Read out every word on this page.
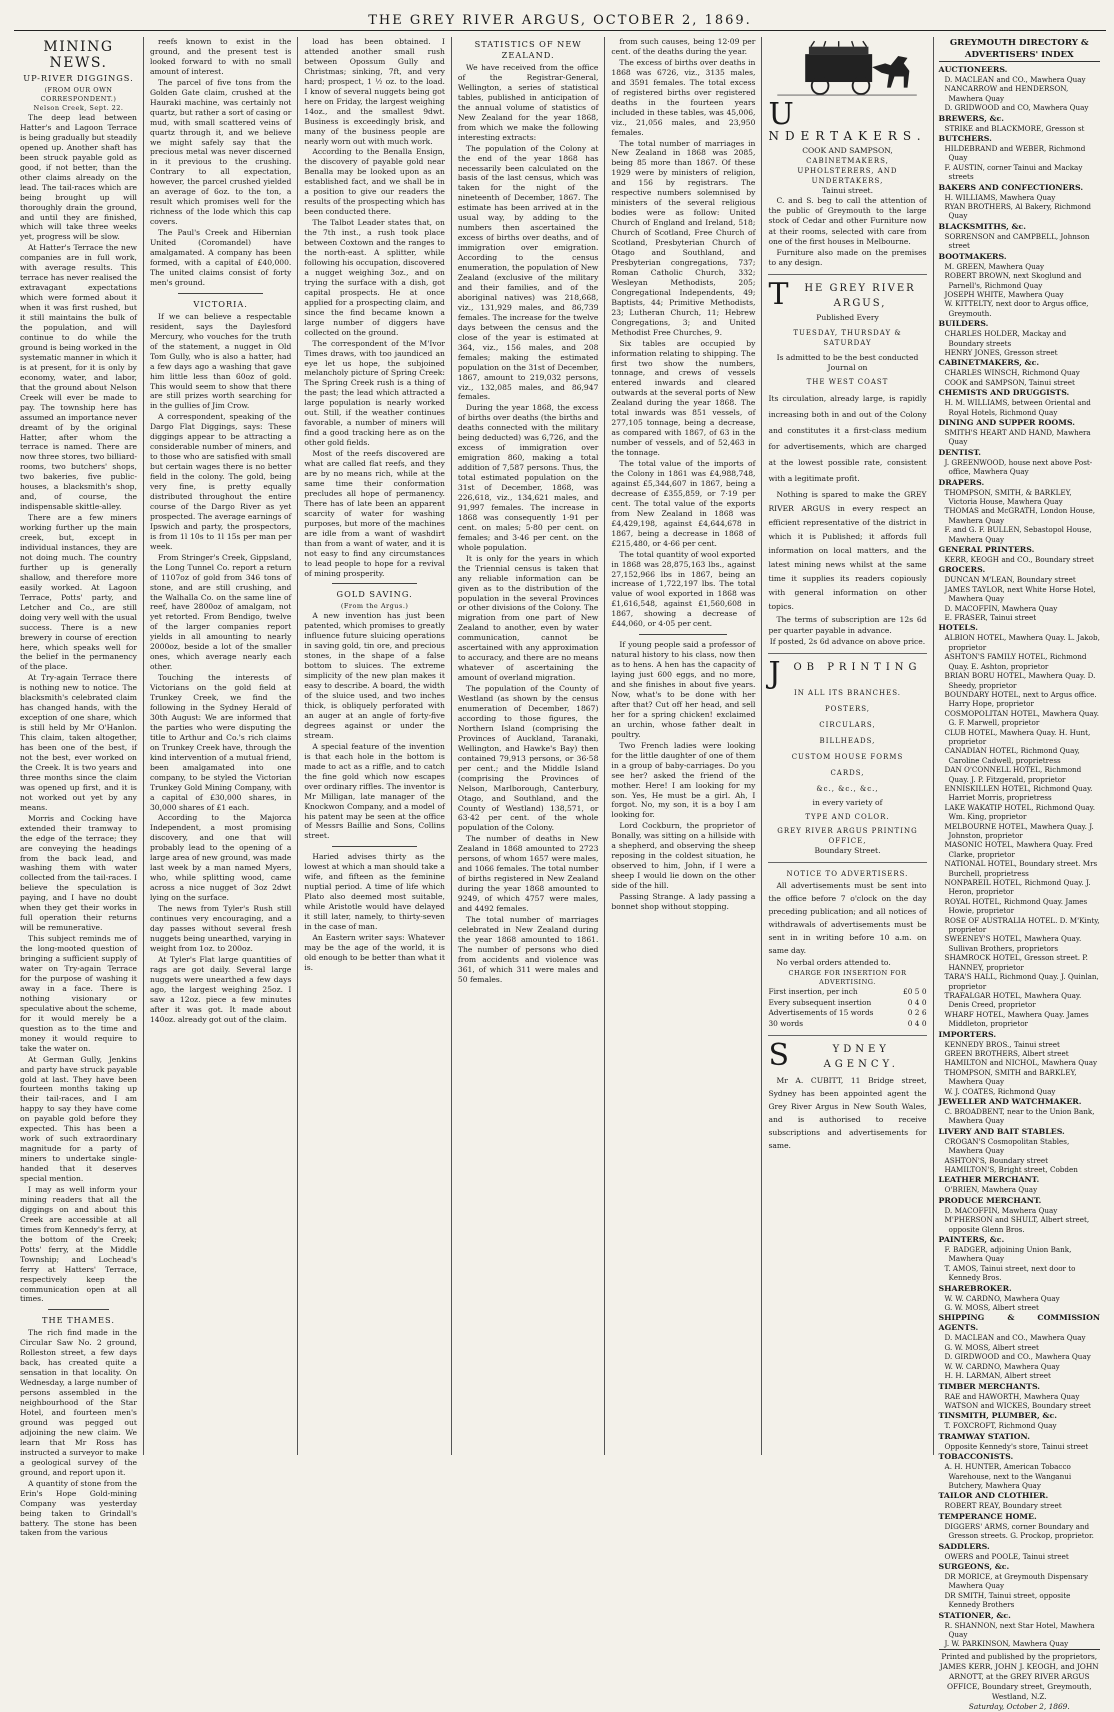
THE GREY RIVER ARGUS, OCTOBER 2, 1869.
MINING NEWS.
UP-RIVER DIGGINGS.
(FROM OUR OWN CORRESPONDENT.)
Nelson Creek, Sept. 22.

The deep lead between Hatter's and Lagoon Terrace is being gradually but steadily opened up. Another shaft has been struck payable gold as good, if not better, than the other claims already on the lead. The tail-races which are being brought up will thoroughly drain the ground, and until they are finished, which will take three weeks yet, progress will be slow.

At Hatter's Terrace the new companies are in full work, with average results. This terrace has never realised the extravagant expectations which were formed about it when it was first rushed, but it still maintains the bulk of the population, and will continue to do while the ground is being worked in the systematic manner in which it is at present, for it is only by economy, water, and labor, that the ground about Nelson Creek will ever be made to pay. The township here has assumed an importance never dreamt of by the original Hatter, after whom the terrace is named. There are now three stores, two billiard-rooms, two butchers' shops, two bakeries, five public-houses, a blacksmith's shop, and, of course, the indispensable skittle-alley.

There are a few miners working further up the main creek, but, except in individual instances, they are not doing much. The country further up is generally shallow, and therefore more easily worked. At Lagoon Terrace, Potts' party, and Letcher and Co., are still doing very well with the usual success. There is a new brewery in course of erection here, which speaks well for the belief in the permanency of the place.

At Try-again Terrace there is nothing new to notice. The blacksmith's celebrated claim has changed hands, with the exception of one share, which is still held by Mr O'Hanlon. This claim, taken altogether, has been one of the best, if not the best, ever worked on the Creek. It is two years and three months since the claim was opened up first, and it is not worked out yet by any means.

Morris and Cocking have extended their tramway to the edge of the terrace; they are conveying the headings from the back lead, and washing them with water collected from the tail-races. I believe the speculation is paying, and I have no doubt when they get their works in full operation their returns will be remunerative.

This subject reminds me of the long-mooted question of bringing a sufficient supply of water on Try-again Terrace for the purpose of washing it away in a face. There is nothing visionary or speculative about the scheme, for it would merely be a question as to the time and money it would require to take the water on.

At German Gully, Jenkins and party have struck payable gold at last. They have been fourteen months taking up their tail-races, and I am happy to say they have come on payable gold before they expected. This has been a work of such extraordinary magnitude for a party of miners to undertake single-handed that it deserves special mention.

I may as well inform your mining readers that all the diggings on and about this Creek are accessible at all times from Kennedy's ferry, at the bottom of the Creek; Potts' ferry, at the Middle Township; and Lochead's ferry at Hatters' Terrace, respectively keep the communication open at all times.

THE THAMES.

The rich find made in the Circular Saw No. 2 ground, Rolleston street, a few days back, has created quite a sensation in that locality. On Wednesday, a large number of persons assembled in the neighbourhood of the Star Hotel, and fourteen men's ground was pegged out adjoining the new claim. We learn that Mr Ross has instructed a surveyor to make a geological survey of the ground, and report upon it.

A quantity of stone from the Erin's Hope Gold-mining Company was yesterday being taken to Grindall's battery. The stone has been taken from the various

reefs known to exist in the ground, and the present test is looked forward to with no small amount of interest.

The parcel of five tons from the Golden Gate claim, crushed at the Hauraki machine, was certainly not quartz, but rather a sort of casing or mud, with small scattered veins of quartz through it, and we believe we might safely say that the precious metal was never discerned in it previous to the crushing. Contrary to all expectation, however, the parcel crushed yielded an average of 6oz. to the ton, a result which promises well for the richness of the lode which this cap covers.

The Paul's Creek and Hibernian United (Coromandel) have amalgamated. A company has been formed, with a capital of £40,000. The united claims consist of forty men's ground.

VICTORIA.

If we can believe a respectable resident, says the Daylesford Mercury, who vouches for the truth of the statement, a nugget in Old Tom Gully, who is also a hatter, had a few days ago a washing that gave him little less than 60oz of gold. This would seem to show that there are still prizes worth searching for in the gullies of Jim Crow.

A correspondent, speaking of the Dargo Flat Diggings, says: These diggings appear to be attracting a considerable number of miners, and to those who are satisfied with small but certain wages there is no better field in the colony. The gold, being very fine, is pretty equally distributed throughout the entire course of the Dargo River as yet prospected. The average earnings of Ipswich and party, the prospectors, is from 1l 10s to 1l 15s per man per week.

From Stringer's Creek, Gippsland, the Long Tunnel Co. report a return of 1107oz of gold from 346 tons of stone, and are still crushing, and the Walhalla Co. on the same line of reef, have 2800oz of amalgam, not yet retorted. From Bendigo, twelve of the larger companies report yields in all amounting to nearly 2000oz, beside a lot of the smaller ones, which average nearly each other.

Touching the interests of Victorians on the gold field at Trunkey Creek, we find the following in the Sydney Herald of 30th August: We are informed that the parties who were disputing the title to Arthur and Co.'s rich claims on Trunkey Creek have, through the kind intervention of a mutual friend, been amalgamated into one company, to be styled the Victorian Trunkey Gold Mining Company, with a capital of £30,000 shares, in 30,000 shares of £1 each.

According to the Majorca Independent, a most promising discovery, and one that will probably lead to the opening of a large area of new ground, was made last week by a man named Myers, who, while splitting wood, came across a nice nugget of 3oz 2dwt lying on the surface.

The news from Tyler's Rush still continues very encouraging, and a day passes without several fresh nuggets being unearthed, varying in weight from 1oz. to 200oz.

At Tyler's Flat large quantities of rags are got daily. Several large nuggets were unearthed a few days ago, the largest weighing 25oz. I saw a 12oz. piece a few minutes after it was got. It made about 140oz. already got out of the claim.

load has been obtained. I attended another small rush between Opossum Gully and Christmas; sinking, 7ft, and very hard; prospect, 1 ½ oz. to the load. I know of several nuggets being got here on Friday, the largest weighing 14oz., and the smallest 9dwt. Business is exceedingly brisk, and many of the business people are nearly worn out with much work.

According to the Benalla Ensign, the discovery of payable gold near Benalla may be looked upon as an established fact, and we shall be in a position to give our readers the results of the prospecting which has been conducted there.

The Talbot Leader states that, on the 7th inst., a rush took place between Coxtown and the ranges to the north-east. A splitter, while following his occupation, discovered a nugget weighing 3oz., and on trying the surface with a dish, got capital prospects. He at once applied for a prospecting claim, and since the find became known a large number of diggers have collected on the ground.

The correspondent of the M'Ivor Times draws, with too jaundiced an eye let us hope, the subjoined melancholy picture of Spring Creek: The Spring Creek rush is a thing of the past; the lead which attracted a large population is nearly worked out. Still, if the weather continues favorable, a number of miners will find a good tracking here as on the other gold fields.

Most of the reefs discovered are what are called flat reefs, and they are by no means rich, while at the same time their conformation precludes all hope of permanency. There has of late been an apparent scarcity of water for washing purposes, but more of the machines are idle from a want of washdirt than from a want of water, and it is not easy to find any circumstances to lead people to hope for a revival of mining prosperity.

GOLD SAVING.
(From the Argus.)

A new invention has just been patented, which promises to greatly influence future sluicing operations in saving gold, tin ore, and precious stones, in the shape of a false bottom to sluices. The extreme simplicity of the new plan makes it easy to describe. A board, the width of the sluice used, and two inches thick, is obliquely perforated with an auger at an angle of forty-five degrees against or under the stream.

A special feature of the invention is that each hole in the bottom is made to act as a riffle, and to catch the fine gold which now escapes over ordinary riffles. The inventor is Mr Milligan, late manager of the Knockwon Company, and a model of his patent may be seen at the office of Messrs Baillie and Sons, Collins street.

Haried advises thirty as the lowest at which a man should take a wife, and fifteen as the feminine nuptial period. A time of life which Plato also deemed most suitable, while Aristotle would have delayed it still later, namely, to thirty-seven in the case of man.

An Eastern writer says: Whatever may be the age of the world, it is old enough to be better than what it is.

STATISTICS OF NEW ZEALAND.

We have received from the office of the Registrar-General, Wellington, a series of statistical tables, published in anticipation of the annual volume of statistics of New Zealand for the year 1868, from which we make the following interesting extracts:

The population of the Colony at the end of the year 1868 has necessarily been calculated on the basis of the last census, which was taken for the night of the nineteenth of December, 1867. The estimate has been arrived at in the usual way, by adding to the numbers then ascertained the excess of births over deaths, and of immigration over emigration. According to the census enumeration, the population of New Zealand (exclusive of the military and their families, and of the aboriginal natives) was 218,668, viz., 131,929 males, and 86,739 females. The increase for the twelve days between the census and the close of the year is estimated at 364, viz., 156 males, and 208 females; making the estimated population on the 31st of December, 1867, amount to 219,032 persons, viz., 132,085 males, and 86,947 females.

During the year 1868, the excess of births over deaths (the births and deaths connected with the military being deducted) was 6,726, and the excess of immigration over emigration 860, making a total addition of 7,587 persons. Thus, the total estimated population on the 31st of December, 1868, was 226,618, viz., 134,621 males, and 91,997 females. The increase in 1868 was consequently 1·91 per cent. on males; 5·80 per cent. on females; and 3·46 per cent. on the whole population.

It is only for the years in which the Triennial census is taken that any reliable information can be given as to the distribution of the population in the several Provinces or other divisions of the Colony. The migration from one part of New Zealand to another, even by water communication, cannot be ascertained with any approximation to accuracy, and there are no means whatever of ascertaining the amount of overland migration.

The population of the County of Westland (as shown by the census enumeration of December, 1867) according to those figures, the Northern Island (comprising the Provinces of Auckland, Taranaki, Wellington, and Hawke's Bay) then contained 79,913 persons, or 36·58 per cent.; and the Middle Island (comprising the Provinces of Nelson, Marlborough, Canterbury, Otago, and Southland, and the County of Westland) 138,571, or 63·42 per cent. of the whole population of the Colony.

The number of deaths in New Zealand in 1868 amounted to 2723 persons, of whom 1657 were males, and 1066 females. The total number of births registered in New Zealand during the year 1868 amounted to 9249, of which 4757 were males, and 4492 females.

The total number of marriages celebrated in New Zealand during the year 1868 amounted to 1861. The number of persons who died from accidents and violence was 361, of which 311 were males and 50 females.

from such causes, being 12·09 per cent. of the deaths during the year.

The excess of births over deaths in 1868 was 6726, viz., 3135 males, and 3591 females. The total excess of registered births over registered deaths in the fourteen years included in these tables, was 45,006, viz., 21,056 males, and 23,950 females.

The total number of marriages in New Zealand in 1868 was 2085, being 85 more than 1867. Of these 1929 were by ministers of religion, and 156 by registrars. The respective numbers solemnised by ministers of the several religious bodies were as follow: United Church of England and Ireland, 518; Church of Scotland, Free Church of Scotland, Presbyterian Church of Otago and Southland, and Presbyterian congregations, 737; Roman Catholic Church, 332; Wesleyan Methodists, 205; Congregational Independents, 49; Baptists, 44; Primitive Methodists, 23; Lutheran Church, 11; Hebrew Congregations, 3; and United Methodist Free Churches, 9.

Six tables are occupied by information relating to shipping. The first two show the numbers, tonnage, and crews of vessels entered inwards and cleared outwards at the several ports of New Zealand during the year 1868. The total inwards was 851 vessels, of 277,105 tonnage, being a decrease, as compared with 1867, of 63 in the number of vessels, and of 52,463 in the tonnage.

The total value of the imports of the Colony in 1861 was £4,988,748, against £5,344,607 in 1867, being a decrease of £355,859, or 7·19 per cent. The total value of the exports from New Zealand in 1868 was £4,429,198, against £4,644,678 in 1867, being a decrease in 1868 of £215,480, or 4·66 per cent.

The total quantity of wool exported in 1868 was 28,875,163 lbs., against 27,152,966 lbs in 1867, being an increase of 1,722,197 lbs. The total value of wool exported in 1868 was £1,616,548, against £1,560,608 in 1867, showing a decrease of £44,060, or 4·05 per cent.

If young people said a professor of natural history to his class, now then as to hens. A hen has the capacity of laying just 600 eggs, and no more, and she finishes in about five years. Now, what's to be done with her after that? Cut off her head, and sell her for a spring chicken! exclaimed an urchin, whose father dealt in poultry.

Two French ladies were looking for the little daughter of one of them in a group of baby-carriages. Do you see her? asked the friend of the mother. Here! I am looking for my son. Yes, He must be a girl. Ah, I forgot. No, my son, it is a boy I am looking for.

Lord Cockburn, the proprietor of Bonally, was sitting on a hillside with a shepherd, and observing the sheep reposing in the coldest situation, he observed to him, John, if I were a sheep I would lie down on the other side of the hill.

Passing Strange. A lady passing a bonnet shop without stopping.

U
NDERTAKERS.
COOK AND SAMPSON,
CABINETMAKERS, UPHOLSTERERS, AND UNDERTAKERS,
Tainui street.

C. and S. beg to call the attention of the public of Greymouth to the large stock of Cedar and other Furniture now at their rooms, selected with care from one of the first houses in Melbourne.

Furniture also made on the premises to any design.

T HE GREY RIVER ARGUS,
Published Every
TUESDAY, THURSDAY & SATURDAY
Is admitted to be the best conducted
Journal on
THE WEST COAST

Its circulation, already large, is rapidly increasing both in and out of the Colony and constitutes it a first-class medium for advertisements, which are charged at the lowest possible rate, consistent with a legitimate profit.

Nothing is spared to make the GREY RIVER ARGUS in every respect an efficient representative of the district in which it is Published; it affords full information on local matters, and the latest mining news whilst at the same time it supplies its readers copiously with general information on other topics.

The terms of subscription are 12s 6d per quarter payable in advance.

If posted, 2s 6d advance on above price.
JOB PRINTING
IN ALL ITS BRANCHES.
POSTERS,
CIRCULARS,
BILLHEADS,
CUSTOM HOUSE FORMS
CARDS,
&c., &c., &c.,
in every variety of
TYPE AND COLOR.
GREY RIVER ARGUS PRINTING
OFFICE,
Boundary Street.
NOTICE TO ADVERTISERS.

All advertisements must be sent into the office before 7 o'clock on the day preceding publication; and all notices of withdrawals of advertisements must be sent in in writing before 10 a.m. on same day.

No verbal orders attended to.

CHARGE FOR INSERTION FOR ADVERTISING.
First insertion, per inch	£0 5 0
Every subsequent insertion	0 4 0
Advertisements of 15 words	0 2 6
30 words	0 4 0
S	YDNEY AGENCY.

Mr A. CUBITT, 11 Bridge street, Sydney has been appointed agent the Grey River Argus in New South Wales, and is authorised to receive subscriptions and advertisements for same.

GREYMOUTH DIRECTORY & ADVERTISERS' INDEX
AUCTIONEERS.
D. MACLEAN and CO., Mawhera Quay
NANCARROW and HENDERSON, Mawhera Quay
D. GRIDWOOD and CO, Mawhera Quay
BREWERS, &c.
STRIKE and BLACKMORE, Gresson st
BUTCHERS.
HILDEBRAND and WEBER, Richmond Quay
F. AUSTIN, corner Tainui and Mackay streets
BAKERS AND CONFECTIONERS.
H. WILLIAMS, Mawhera Quay
RYAN BROTHERS, Al Bakery, Richmond Quay
BLACKSMITHS, &c.
SORRENSON and CAMPBELL, Johnson street
BOOTMAKERS.
M. GREEN, Mawhera Quay
ROBERT BROWN, next Skoglund and Parnell's, Richmond Quay
JOSEPH WHITE, Mawhera Quay
W. KITTELTY, next door to Argus office, Greymouth.
BUILDERS.
CHARLES HOLDER, Mackay and Boundary streets
HENRY JONES, Gresson street
CABINETMAKERS, &c.
CHARLES WINSCH, Richmond Quay
COOK and SAMPSON, Tainui street
CHEMISTS AND DRUGGISTS.
H. M. WILLIAMS, between Oriental and Royal Hotels, Richmond Quay
DINING AND SUPPER ROOMS.
SMITH'S HEART AND HAND, Mawhera Quay
DENTIST.
J. GREENWOOD, house next above Post-office, Mawhera Quay
DRAPERS.
THOMPSON, SMITH, & BARKLEY, Victoria House, Mawhera Quay
THOMAS and McGRATH, London House, Mawhera Quay
F. and G. F. BULLEN, Sebastopol House, Mawhera Quay
GENERAL PRINTERS.
KERR, KEOGH and CO., Boundary street
GROCERS.
DUNCAN M'LEAN, Boundary street
JAMES TAYLOR, next White Horse Hotel, Mawhera Quay
D. MACOFFIN, Mawhera Quay
E. FRASER, Tainui street
HOTELS.
ALBION HOTEL, Mawhera Quay. L. Jakob, proprietor
ASHTON'S FAMILY HOTEL, Richmond Quay. E. Ashton, proprietor
BRIAN BORU HOTEL, Mawhera Quay. D. Sheedy, proprietor
BOUNDARY HOTEL, next to Argus office. Harry Hope, proprietor
COSMOPOLITAN HOTEL, Mawhera Quay. G. F. Marwell, proprietor
CLUB HOTEL, Mawhera Quay. H. Hunt, proprietor
CANADIAN HOTEL, Richmond Quay, Caroline Cadwell, proprietress
DAN O'CONNELL HOTEL, Richmond Quay. J. P. Fitzgerald, proprietor
ENNISKILLEN HOTEL, Richmond Quay. Harriet Morris, proprietress
LAKE WAKATIP HOTEL, Richmond Quay. Wm. King, proprietor
MELBOURNE HOTEL, Mawhera Quay. J. Johnston, proprietor
MASONIC HOTEL, Mawhera Quay. Fred Clarke, proprietor
NATIONAL HOTEL, Boundary street. Mrs Burchell, proprietress
NONPAREIL HOTEL, Richmond Quay. J. Heron, proprietor
ROYAL HOTEL, Richmond Quay. James Howie, proprietor
ROSE OF AUSTRALIA HOTEL. D. M'Kinty, proprietor
SWEENEY'S HOTEL, Mawhera Quay. Sullivan Brothers, proprietors
SHAMROCK HOTEL, Gresson street. P. HANNEY, proprietor
TARA'S HALL, Richmond Quay. J. Quinlan, proprietor
TRAFALGAR HOTEL, Mawhera Quay. Denis Creed, proprietor
WHARF HOTEL, Mawhera Quay. James Middleton, proprietor
IMPORTERS.
KENNEDY BROS., Tainui street
GREEN BROTHERS, Albert street
HAMILTON and NICHOL, Mawhera Quay
THOMPSON, SMITH and BARKLEY, Mawhera Quay
W. J. COATES, Richmond Quay
JEWELLER AND WATCHMAKER.
C. BROADBENT, near to the Union Bank, Mawhera Quay
LIVERY AND BAIT STABLES.
CROGAN'S Cosmopolitan Stables, Mawhera Quay
ASHTON'S, Boundary street
HAMILTON'S, Bright street, Cobden
LEATHER MERCHANT.
O'BRIEN, Mawhera Quay
PRODUCE MERCHANT.
D. MACOFFIN, Mawhera Quay
M'PHERSON and SHULT, Albert street, opposite Glenn Bros.
PAINTERS, &c.
F. BADGER, adjoining Union Bank, Mawhera Quay
T. AMOS, Tainui street, next door to Kennedy Bros.
SHAREBROKER.
W. W. CARDNO, Mawhera Quay
G. W. MOSS, Albert street
SHIPPING & COMMISSION AGENTS.
D. MACLEAN and CO., Mawhera Quay
G. W. MOSS, Albert street
D. GIRDWOOD and CO., Mawhera Quay
W. W. CARDNO, Mawhera Quay
H. H. LARMAN, Albert street
TIMBER MERCHANTS.
RAE and HAWORTH, Mawhera Quay
WATSON and WICKES, Boundary street
TINSMITH, PLUMBER, &c.
T. FOXCROFT, Richmond Quay
TRAMWAY STATION.
Opposite Kennedy's store, Tainui street
TOBACCONISTS.
A. H. HUNTER, American Tobacco Warehouse, next to the Wanganui Butchery, Mawhera Quay
TAILOR AND CLOTHIER.
ROBERT REAY, Boundary street
TEMPERANCE HOME.
DIGGERS' ARMS, corner Boundary and Gresson streets. G. Prockop, proprietor.
SADDLERS.
OWERS and POOLE, Tainui street
SURGEONS, &c.
DR MORICE, at Greymouth Dispensary Mawhera Quay
DR SMITH, Tainui street, opposite Kennedy Brothers
STATIONER, &c.
R. SHANNON, next Star Hotel, Mawhera Quay
J. W. PARKINSON, Mawhera Quay
Printed and published by the proprietors, JAMES KERR, JOHN J. KEOGH, and JOHN ARNOTT, at the GREY RIVER ARGUS OFFICE, Boundary street, Greymouth, Westland, N.Z.
Saturday, October 2, 1869.
